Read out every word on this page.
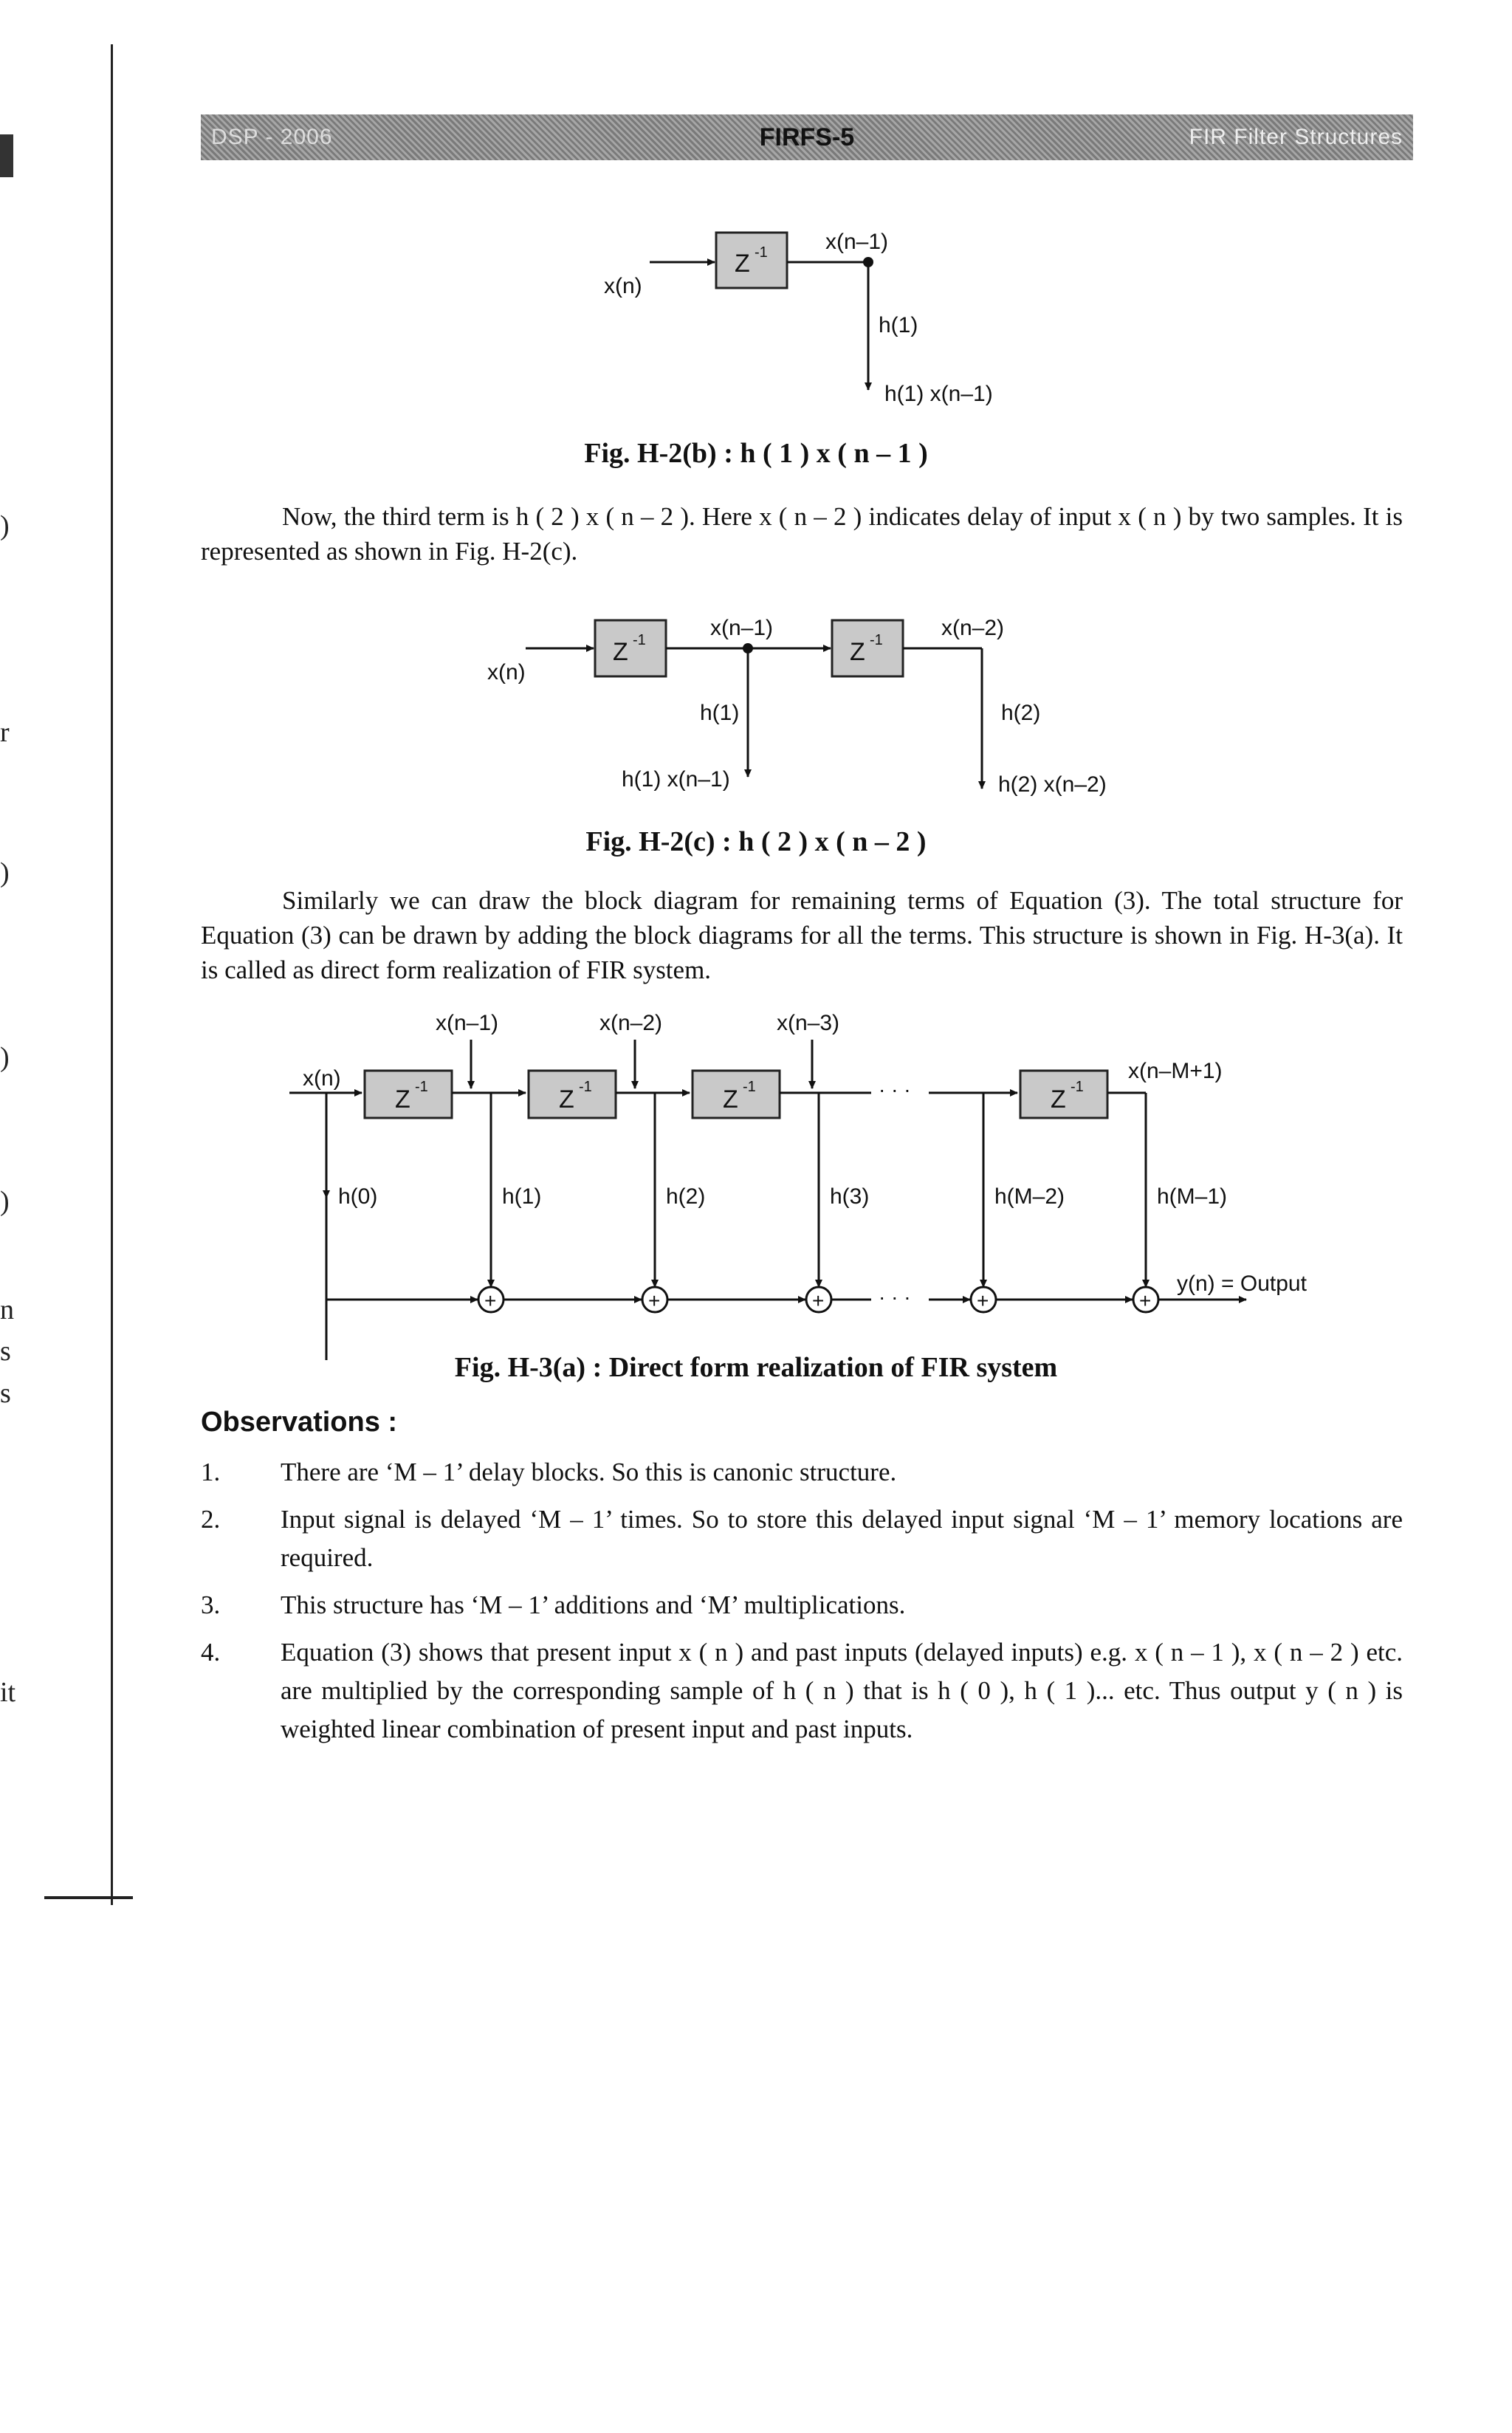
)
r
)
)
)
n
s
s
it
DSP - 2006	FIRFS-5	FIR Filter Structures
x(n)
Z -1	x(n–1)
h(1)
h(1) x(n–1)

Fig. H-2(b) : h ( 1 ) x ( n – 1 )

Now, the third term is h ( 2 ) x ( n – 2 ). Here x ( n – 2 ) indicates delay of input x ( n ) by two samples. It is represented as shown in Fig. H-2(c).

x(n)
Z -1	x(n–1)
Z -1	x(n–2)
h(1)
h(1) x(n–1)
h(2)
h(2) x(n–2)

Fig. H-2(c) : h ( 2 ) x ( n – 2 )

Similarly we can draw the block diagram for remaining terms of Equation (3). The total structure for Equation (3) can be drawn by adding the block diagrams for all the terms. This structure is shown in Fig. H-3(a). It is called as direct form realization of FIR system.

x(n)
Z -1	Z -1	Z -1	Z -1
· · ·
x(n–1)	x(n–2)	x(n–3)
x(n–M+1)
h(0)	h(1)	h(2)	h(3)	h(M–2)	h(M–1)
+	+	+	· · ·	+	+
y(n) = Output

Fig. H-3(a) : Direct form realization of FIR system

Observations :

1. There are ‘M – 1’ delay blocks. So this is canonic structure.
2. Input signal is delayed ‘M – 1’ times. So to store this delayed input signal ‘M – 1’ memory locations are required.
3. This structure has ‘M – 1’ additions and ‘M’ multiplications.
4. Equation (3) shows that present input x ( n ) and past inputs (delayed inputs) e.g. x ( n – 1 ), x ( n – 2 ) etc. are multiplied by the corresponding sample of h ( n ) that is h ( 0 ), h ( 1 )... etc. Thus output y ( n ) is weighted linear combination of present input and past inputs.
